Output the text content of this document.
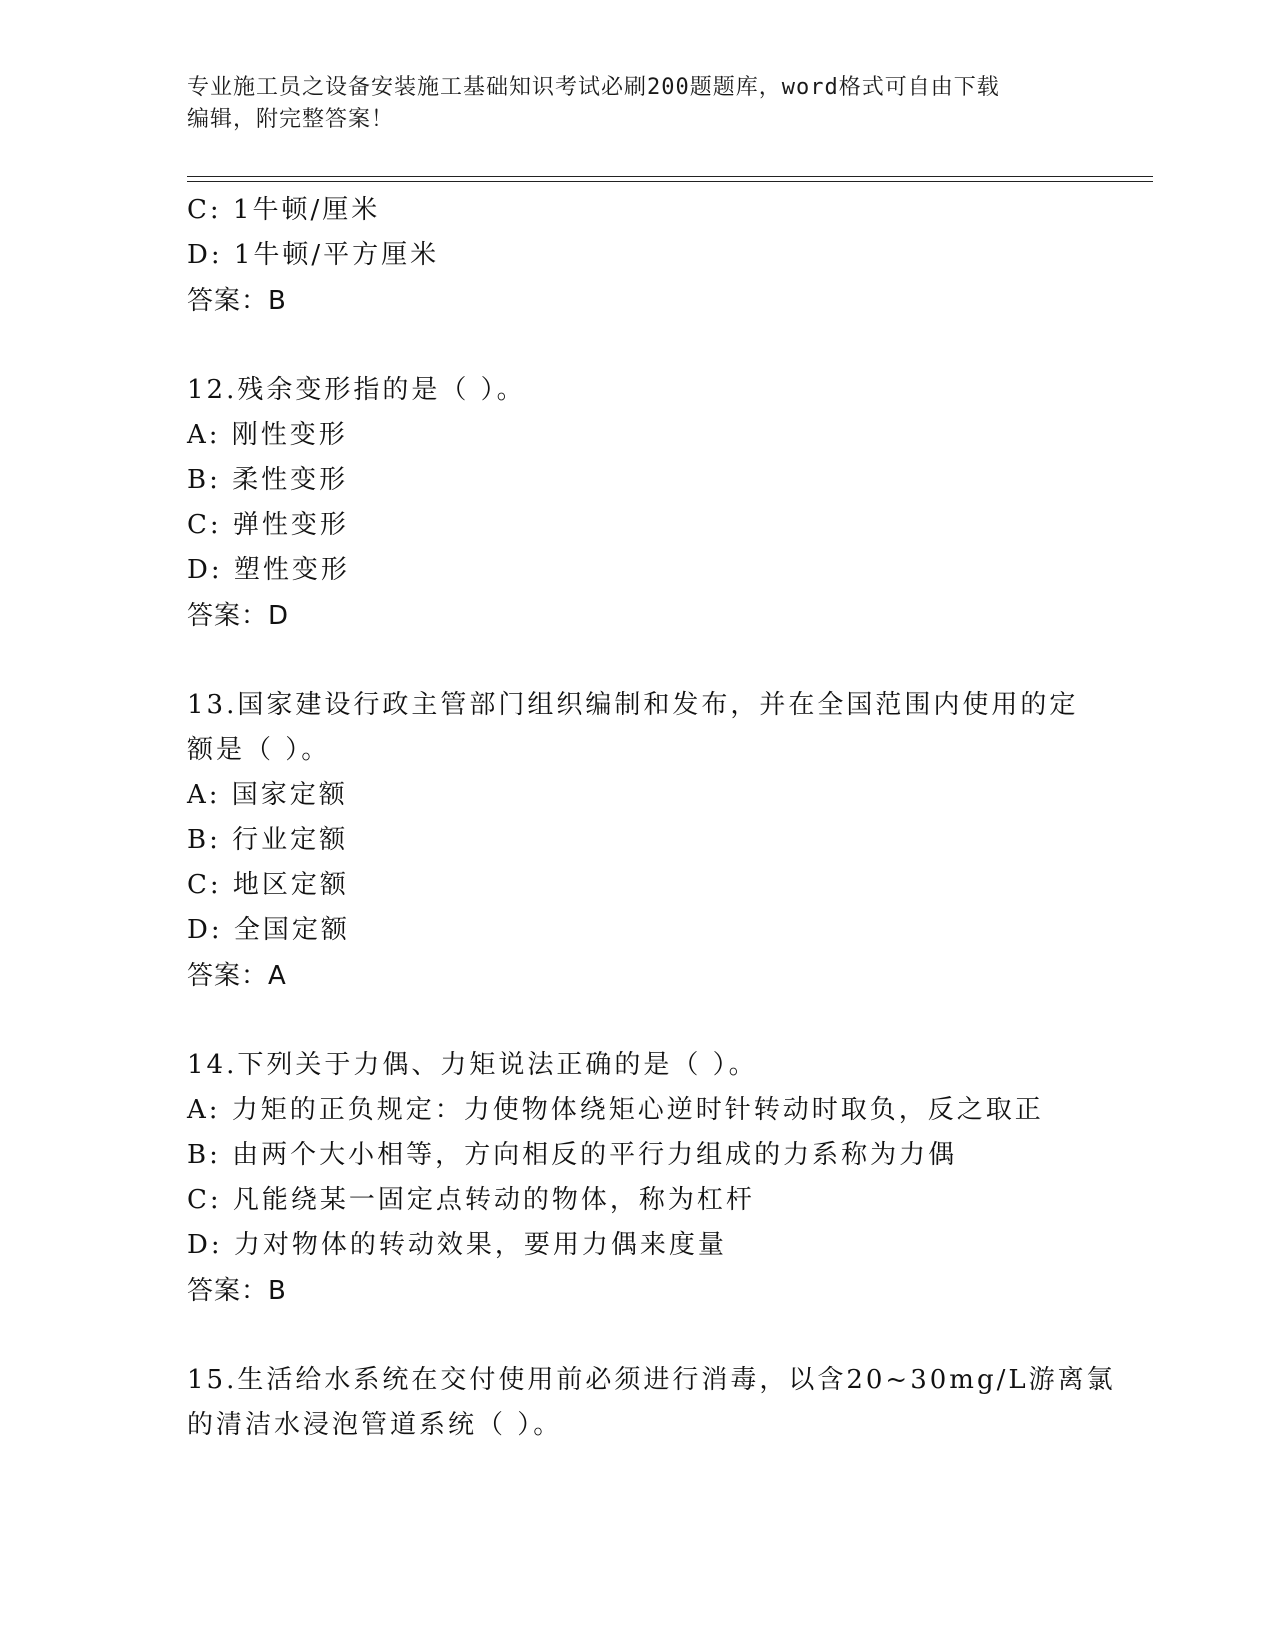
专业施工员之设备安装施工基础知识考试必刷200题题库，word格式可自由下载
编辑，附完整答案！
C: 1牛顿/厘米
D: 1牛顿/平方厘米
答案：B
12.残余变形指的是（ ）。
A: 刚性变形
B: 柔性变形
C: 弹性变形
D: 塑性变形
答案：D
13.国家建设行政主管部门组织编制和发布，并在全国范围内使用的定
额是（ ）。
A: 国家定额
B: 行业定额
C: 地区定额
D: 全国定额
答案：A
14.下列关于力偶、力矩说法正确的是（ ）。
A: 力矩的正负规定：力使物体绕矩心逆时针转动时取负，反之取正
B: 由两个大小相等，方向相反的平行力组成的力系称为力偶
C: 凡能绕某一固定点转动的物体，称为杠杆
D: 力对物体的转动效果，要用力偶来度量
答案：B
15.生活给水系统在交付使用前必须进行消毒，以含20~30mg/L游离氯
的清洁水浸泡管道系统（ ）。
